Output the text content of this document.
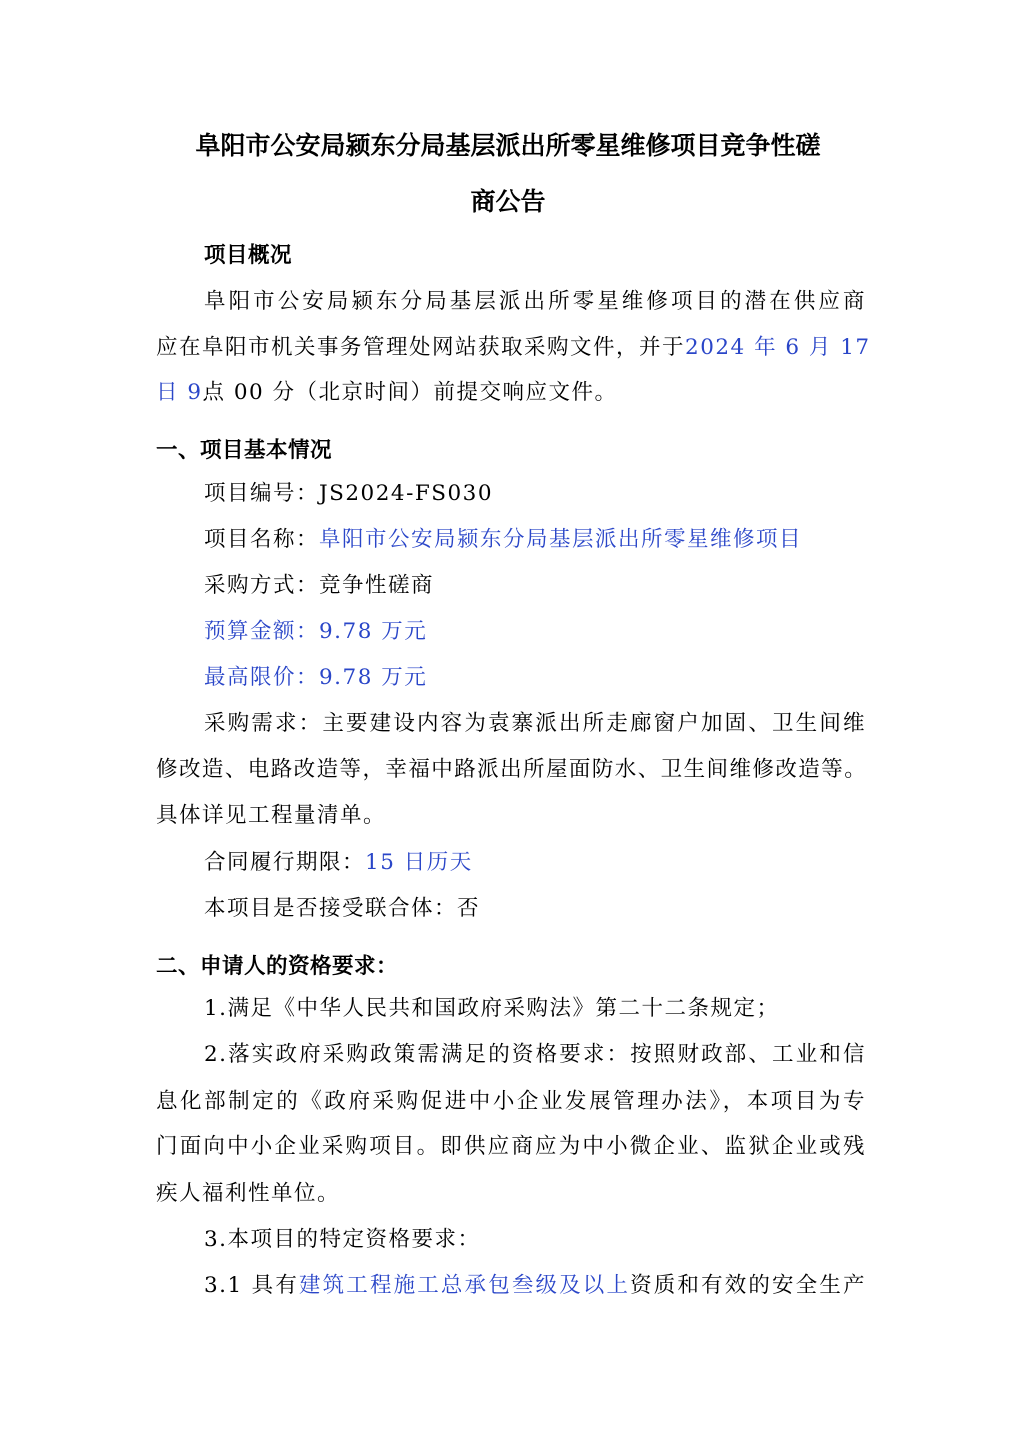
阜阳市公安局颍东分局基层派出所零星维修项目竞争性磋
商公告

项目概况

阜阳市公安局颍东分局基层派出所零星维修项目的潜在供应商

应在阜阳市机关事务管理处网站获取采购文件，并于2024 年 6 月 17

日 9点 00 分（北京时间）前提交响应文件。

一、项目基本情况

项目编号：JS2024-FS030

项目名称：阜阳市公安局颍东分局基层派出所零星维修项目

采购方式：竞争性磋商

预算金额：9.78 万元

最高限价：9.78 万元

采购需求：主要建设内容为袁寨派出所走廊窗户加固、卫生间维

修改造、电路改造等，幸福中路派出所屋面防水、卫生间维修改造等。

具体详见工程量清单。

合同履行期限：15 日历天

本项目是否接受联合体：否

二、申请人的资格要求：

1.满足《中华人民共和国政府采购法》第二十二条规定；

2.落实政府采购政策需满足的资格要求：按照财政部、工业和信

息化部制定的《政府采购促进中小企业发展管理办法》，本项目为专

门面向中小企业采购项目。即供应商应为中小微企业、监狱企业或残

疾人福利性单位。

3.本项目的特定资格要求：

3.1 具有建筑工程施工总承包叁级及以上资质和有效的安全生产
